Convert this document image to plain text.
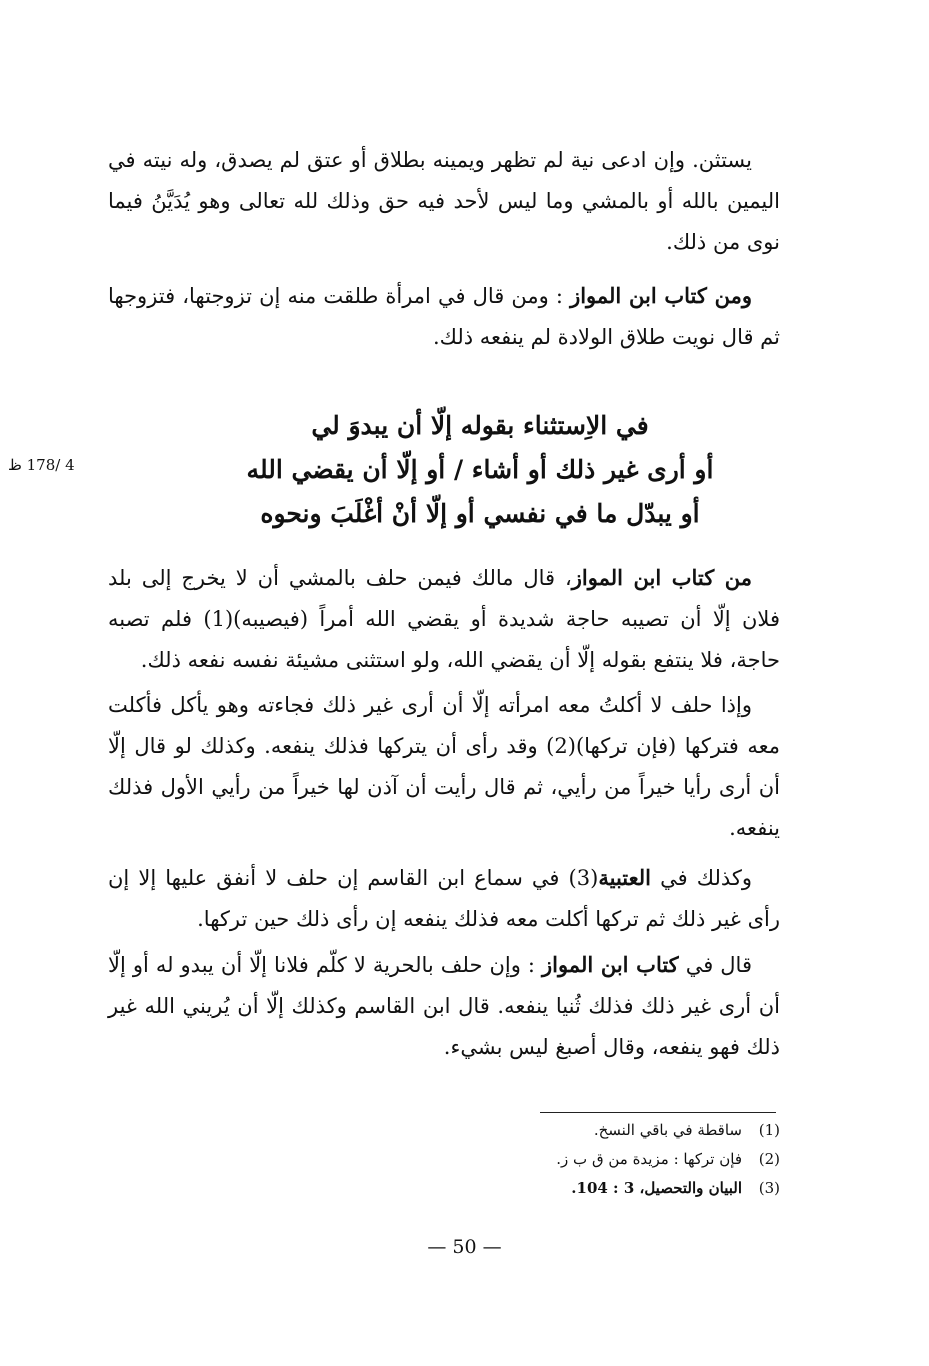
يستثن. وإن ادعى نية لم تظهر ويمينه بطلاق أو عتق لم يصدق، وله نيته في اليمين بالله أو بالمشي وما ليس لأحد فيه حق وذلك لله تعالى وهو يُدَيَّنُ فيما نوى من ذلك.

ومن كتاب ابن المواز : ومن قال في امرأة طلقت منه إن تزوجتها، فتزوجها ثم قال نويت طلاق الولادة لم ينفعه ذلك.

في الاِستثناء بقوله إلّا أن يبدوَ لي
أو أرى غير ذلك أو أشاء / أو إلّا أن يقضي الله
أو يبدّل ما في نفسي أو إلّا أنْ أغْلَبَ ونحوه
4 /178 ظ

من كتاب ابن المواز، قال مالك فيمن حلف بالمشي أن لا يخرج إلى بلد فلان إلّا أن تصيبه حاجة شديدة أو يقضي الله أمراً (فيصيبه)(1) فلم تصبه حاجة، فلا ينتفع بقوله إلّا أن يقضي الله، ولو استثنى مشيئة نفسه نفعه ذلك.

وإذا حلف لا أكلتُ معه امرأته إلّا أن أرى غير ذلك فجاءته وهو يأكل فأكلت معه فتركها (فإن تركها)(2) وقد رأى أن يتركها فذلك ينفعه. وكذلك لو قال إلّا أن أرى رأيا خيراً من رأيي، ثم قال رأيت أن آذن لها خيراً من رأيي الأول فذلك ينفعه.

وكذلك في العتبية(3) في سماع ابن القاسم إن حلف لا أنفق عليها إلا إن رأى غير ذلك ثم تركها أكلت معه فذلك ينفعه إن رأى ذلك حين تركها.

قال في كتاب ابن المواز : وإن حلف بالحرية لا كلّم فلانا إلّا أن يبدو له أو إلّا أن أرى غير ذلك فذلك ثُنيا ينفعه. قال ابن القاسم وكذلك إلّا أن يُريني الله غير ذلك فهو ينفعه، وقال أصبغ ليس بشيء.

(1)
ساقطة في باقي النسخ.
(2)
فإن تركها : مزيدة من ق ب ز.
(3)
البيان والتحصيل، 3 : 104.
— 50 —
